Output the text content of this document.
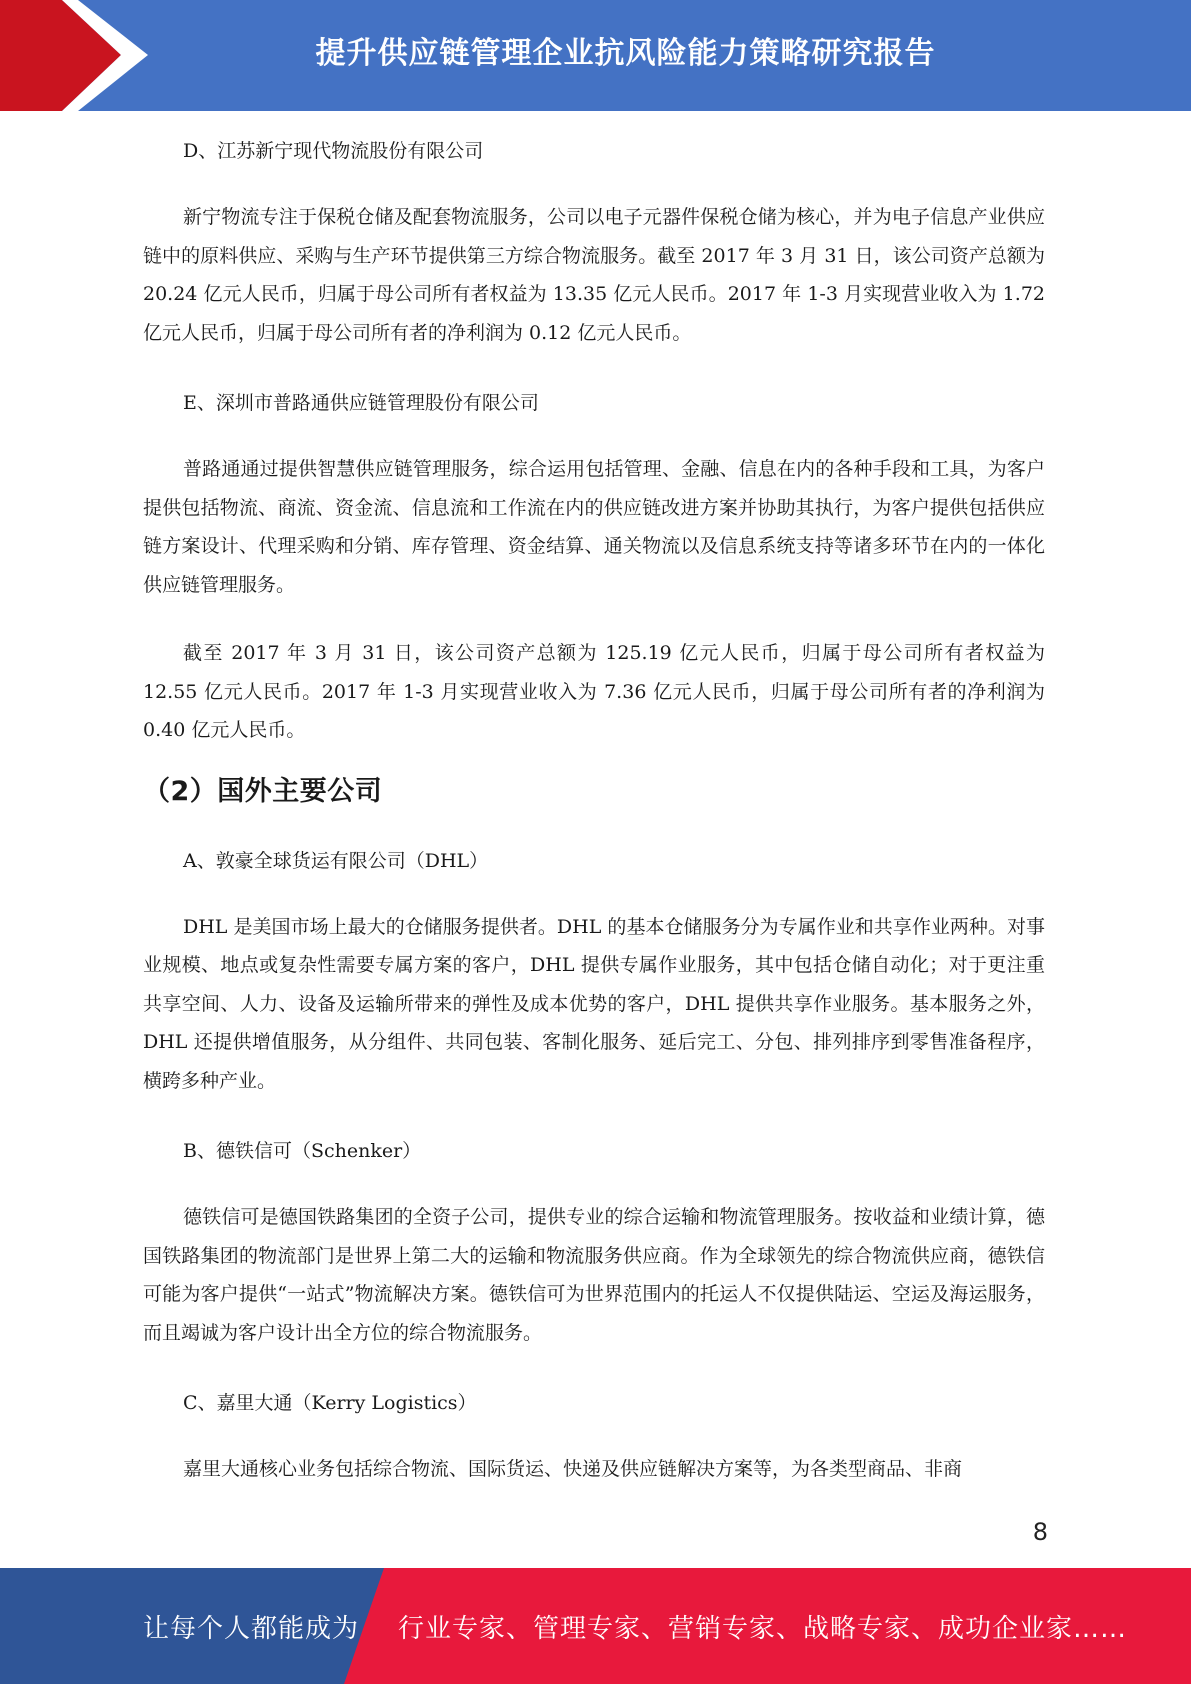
提升供应链管理企业抗风险能力策略研究报告

D、江苏新宁现代物流股份有限公司

新宁物流专注于保税仓储及配套物流服务，公司以电子元器件保税仓储为核心，并为电子信息产业供应链中的原料供应、采购与生产环节提供第三方综合物流服务。截至 2017 年 3 月 31 日，该公司资产总额为 20.24 亿元人民币，归属于母公司所有者权益为 13.35 亿元人民币。2017 年 1-3 月实现营业收入为 1.72 亿元人民币，归属于母公司所有者的净利润为 0.12 亿元人民币。

E、深圳市普路通供应链管理股份有限公司

普路通通过提供智慧供应链管理服务，综合运用包括管理、金融、信息在内的各种手段和工具，为客户提供包括物流、商流、资金流、信息流和工作流在内的供应链改进方案并协助其执行，为客户提供包括供应链方案设计、代理采购和分销、库存管理、资金结算、通关物流以及信息系统支持等诸多环节在内的一体化供应链管理服务。

截至 2017 年 3 月 31 日，该公司资产总额为 125.19 亿元人民币，归属于母公司所有者权益为 12.55 亿元人民币。2017 年 1-3 月实现营业收入为 7.36 亿元人民币，归属于母公司所有者的净利润为 0.40 亿元人民币。

（2）国外主要公司

A、敦豪全球货运有限公司（DHL）

DHL 是美国市场上最大的仓储服务提供者。DHL 的基本仓储服务分为专属作业和共享作业两种。对事业规模、地点或复杂性需要专属方案的客户，DHL 提供专属作业服务，其中包括仓储自动化；对于更注重共享空间、人力、设备及运输所带来的弹性及成本优势的客户，DHL 提供共享作业服务。基本服务之外，DHL 还提供增值服务，从分组件、共同包装、客制化服务、延后完工、分包、排列排序到零售准备程序，横跨多种产业。

B、德铁信可（Schenker）

德铁信可是德国铁路集团的全资子公司，提供专业的综合运输和物流管理服务。按收益和业绩计算，德国铁路集团的物流部门是世界上第二大的运输和物流服务供应商。作为全球领先的综合物流供应商，德铁信可能为客户提供“一站式”物流解决方案。德铁信可为世界范围内的托运人不仅提供陆运、空运及海运服务，而且竭诚为客户设计出全方位的综合物流服务。

C、嘉里大通（Kerry Logistics）

嘉里大通核心业务包括综合物流、国际货运、快递及供应链解决方案等，为各类型商品、非商

8
让每个人都能成为 行业专家、管理专家、营销专家、战略专家、成功企业家……
